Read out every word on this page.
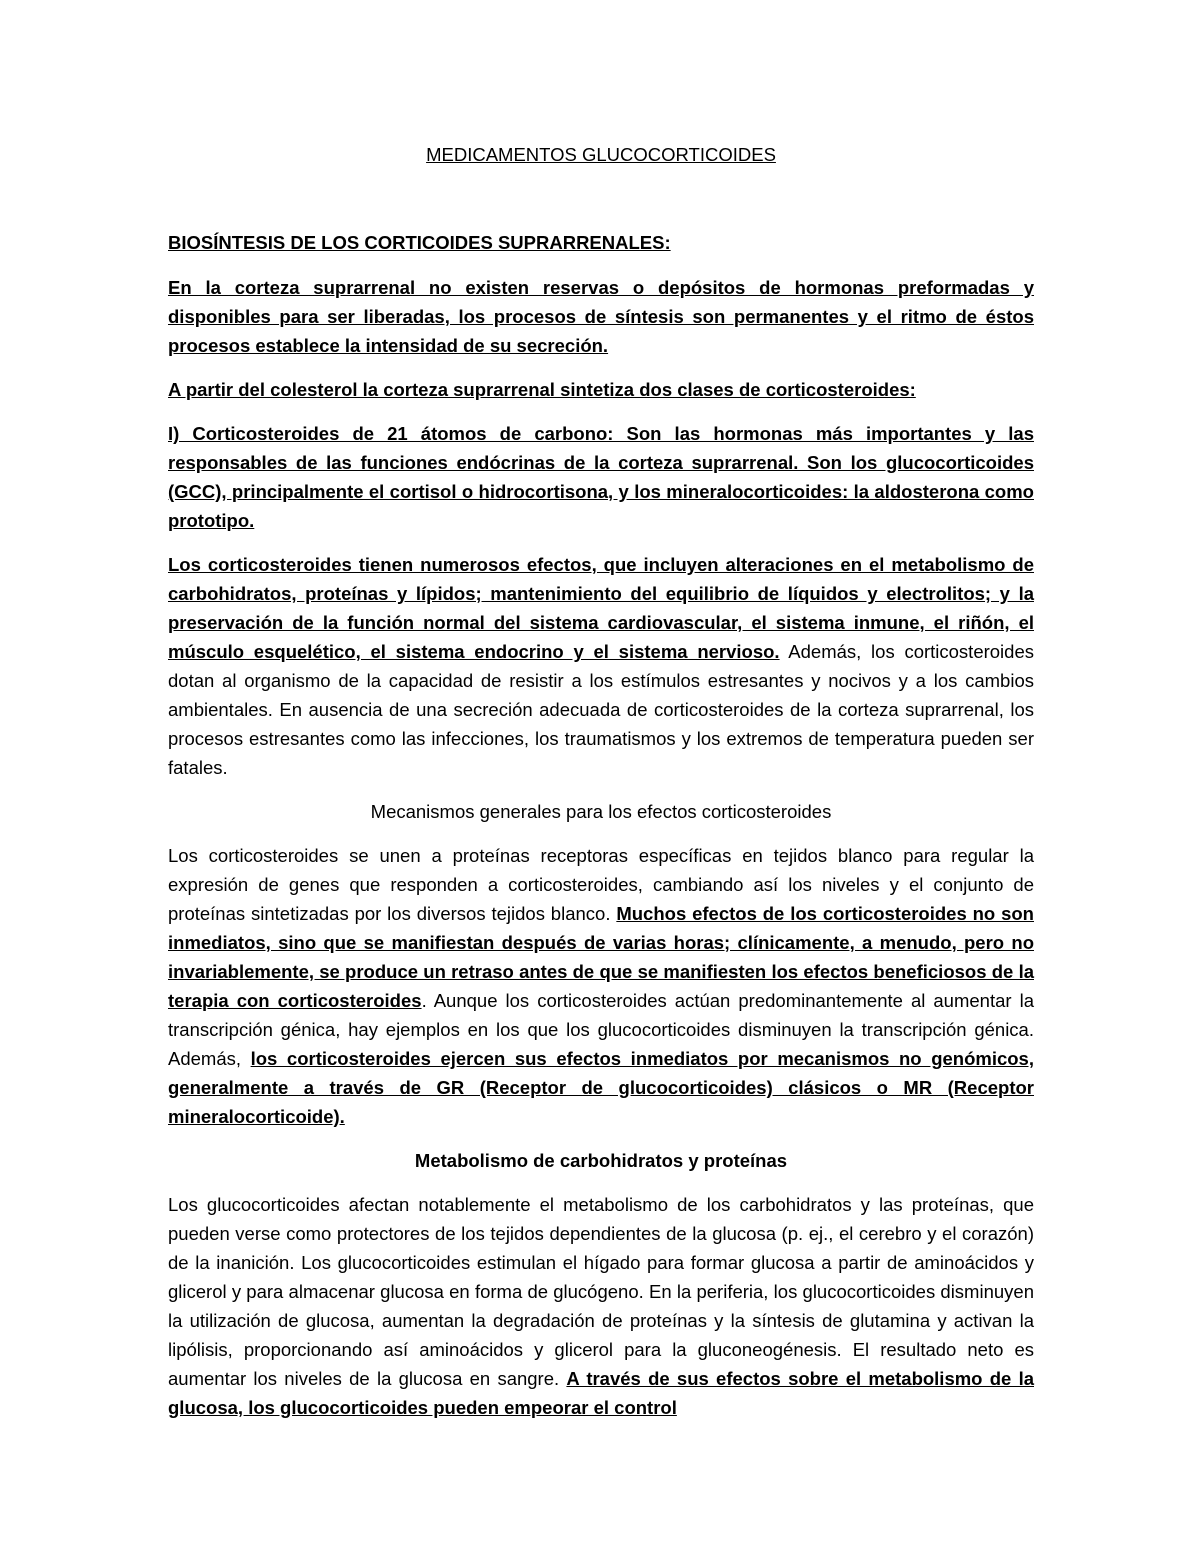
MEDICAMENTOS GLUCOCORTICOIDES
BIOSÍNTESIS DE LOS CORTICOIDES SUPRARRENALES:

En la corteza suprarrenal no existen reservas o depósitos de hormonas preformadas y disponibles para ser liberadas, los procesos de síntesis son permanentes y el ritmo de éstos procesos establece la intensidad de su secreción.

A partir del colesterol la corteza suprarrenal sintetiza dos clases de corticosteroides:

I) Corticosteroides de 21 átomos de carbono: Son las hormonas más importantes y las responsables de las funciones endócrinas de la corteza suprarrenal. Son los glucocorticoides (GCC), principalmente el cortisol o hidrocortisona, y los mineralocorticoides: la aldosterona como prototipo.

Los corticosteroides tienen numerosos efectos, que incluyen alteraciones en el metabolismo de carbohidratos, proteínas y lípidos; mantenimiento del equilibrio de líquidos y electrolitos; y la preservación de la función normal del sistema cardiovascular, el sistema inmune, el riñón, el músculo esquelético, el sistema endocrino y el sistema nervioso. Además, los corticosteroides dotan al organismo de la capacidad de resistir a los estímulos estresantes y nocivos y a los cambios ambientales. En ausencia de una secreción adecuada de corticosteroides de la corteza suprarrenal, los procesos estresantes como las infecciones, los traumatismos y los extremos de temperatura pueden ser fatales.

Mecanismos generales para los efectos corticosteroides

Los corticosteroides se unen a proteínas receptoras específicas en tejidos blanco para regular la expresión de genes que responden a corticosteroides, cambiando así los niveles y el conjunto de proteínas sintetizadas por los diversos tejidos blanco. Muchos efectos de los corticosteroides no son inmediatos, sino que se manifiestan después de varias horas; clínicamente, a menudo, pero no invariablemente, se produce un retraso antes de que se manifiesten los efectos beneficiosos de la terapia con corticosteroides. Aunque los corticosteroides actúan predominantemente al aumentar la transcripción génica, hay ejemplos en los que los glucocorticoides disminuyen la transcripción génica. Además, los corticosteroides ejercen sus efectos inmediatos por mecanismos no genómicos, generalmente a través de GR (Receptor de glucocorticoides) clásicos o MR (Receptor mineralocorticoide).

Metabolismo de carbohidratos y proteínas

Los glucocorticoides afectan notablemente el metabolismo de los carbohidratos y las proteínas, que pueden verse como protectores de los tejidos dependientes de la glucosa (p. ej., el cerebro y el corazón) de la inanición. Los glucocorticoides estimulan el hígado para formar glucosa a partir de aminoácidos y glicerol y para almacenar glucosa en forma de glucógeno. En la periferia, los glucocorticoides disminuyen la utilización de glucosa, aumentan la degradación de proteínas y la síntesis de glutamina y activan la lipólisis, proporcionando así aminoácidos y glicerol para la gluconeogénesis. El resultado neto es aumentar los niveles de la glucosa en sangre. A través de sus efectos sobre el metabolismo de la glucosa, los glucocorticoides pueden empeorar el control
